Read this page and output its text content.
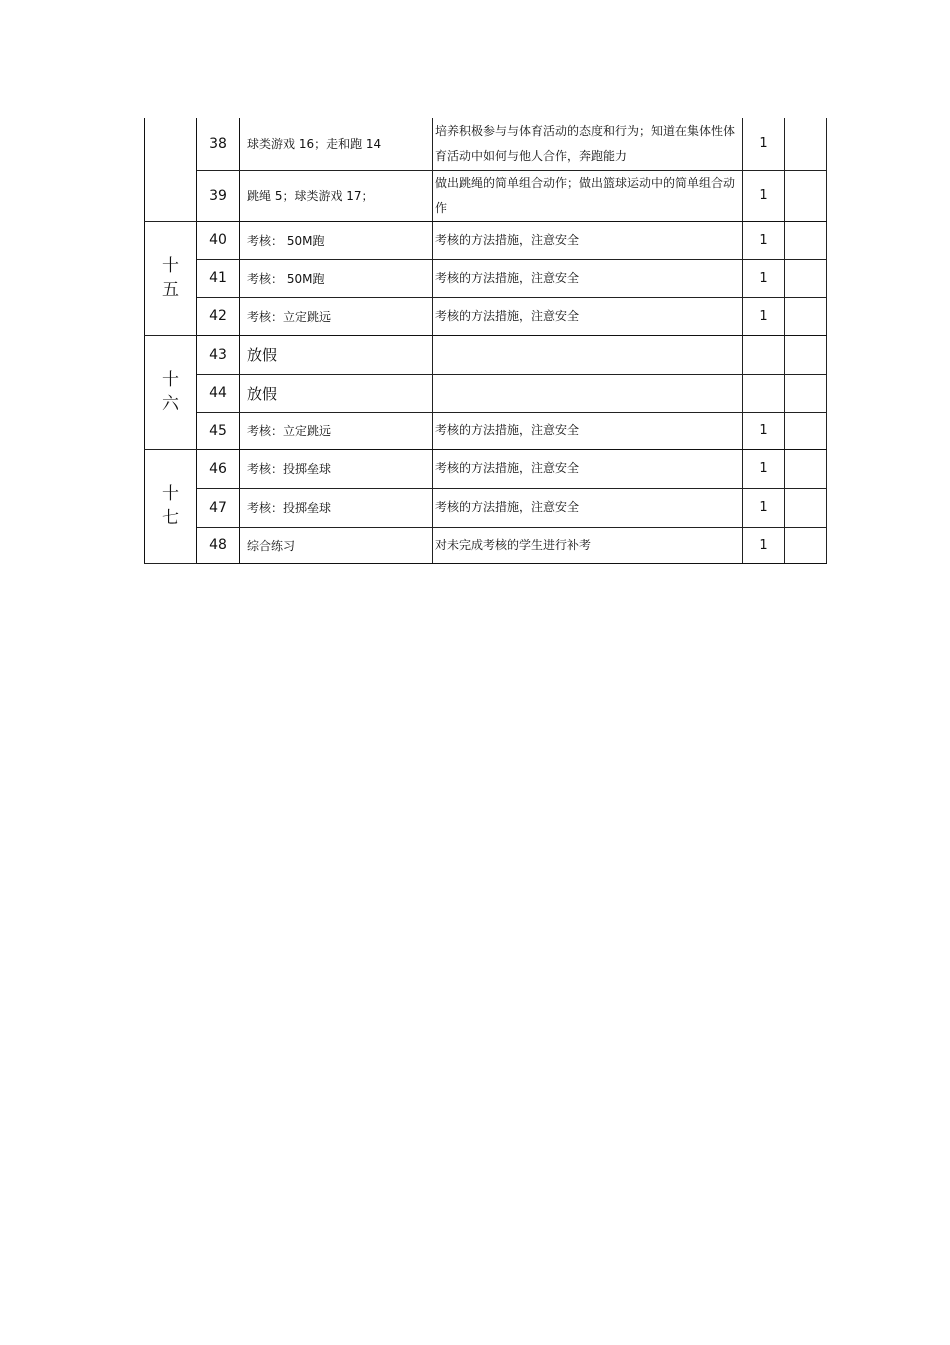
	38	球类游戏 16；走和跑 14	培养积极参与与体育活动的态度和行为；知道在集体性体育活动中如何与他人合作，奔跑能力	1	
	39	跳绳 5；球类游戏 17；	做出跳绳的简单组合动作；做出篮球运动中的简单组合动作	1	
十五	40	考核： 50M跑	考核的方法措施，注意安全	1	
	41	考核： 50M跑	考核的方法措施，注意安全	1	
	42	考核：立定跳远	考核的方法措施，注意安全	1	
十六	43	放假			
	44	放假			
	45	考核：立定跳远	考核的方法措施，注意安全	1	
十七	46	考核：投掷垒球	考核的方法措施，注意安全	1	
	47	考核：投掷垒球	考核的方法措施，注意安全	1	
	48	综合练习	对未完成考核的学生进行补考	1	
